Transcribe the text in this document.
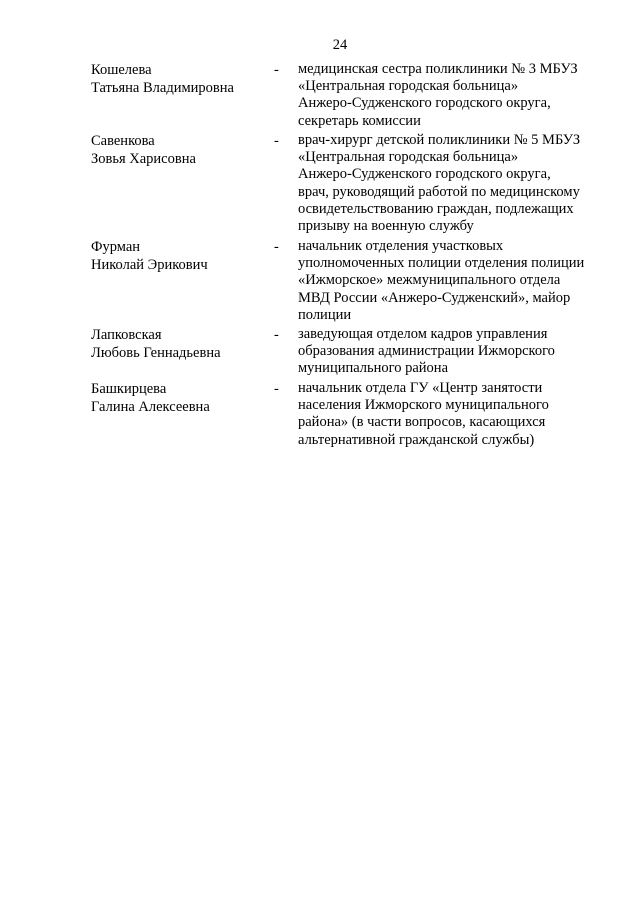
24
Кошелева
Татьяна Владимировна
-	медицинская сестра поликлиники № 3 МБУЗ
«Центральная городская больница»
Анжеро-Судженского городского округа,
секретарь комиссии
Савенкова
Зовья Харисовна
-	врач-хирург детской поликлиники № 5 МБУЗ
«Центральная городская больница»
Анжеро-Судженского городского округа,
врач, руководящий работой по медицинскому
освидетельствованию граждан, подлежащих
призыву на военную службу
Фурман
Николай Эрикович
-	начальник отделения участковых
уполномоченных полиции отделения полиции
«Ижморское» межмуниципального отдела
МВД России «Анжеро-Судженский», майор
полиции
Лапковская
Любовь Геннадьевна
-	заведующая отделом кадров управления
образования администрации Ижморского
муниципального района
Башкирцева
Галина Алексеевна
-	начальник отдела ГУ «Центр занятости
населения Ижморского муниципального
района» (в части вопросов, касающихся
альтернативной гражданской службы)
